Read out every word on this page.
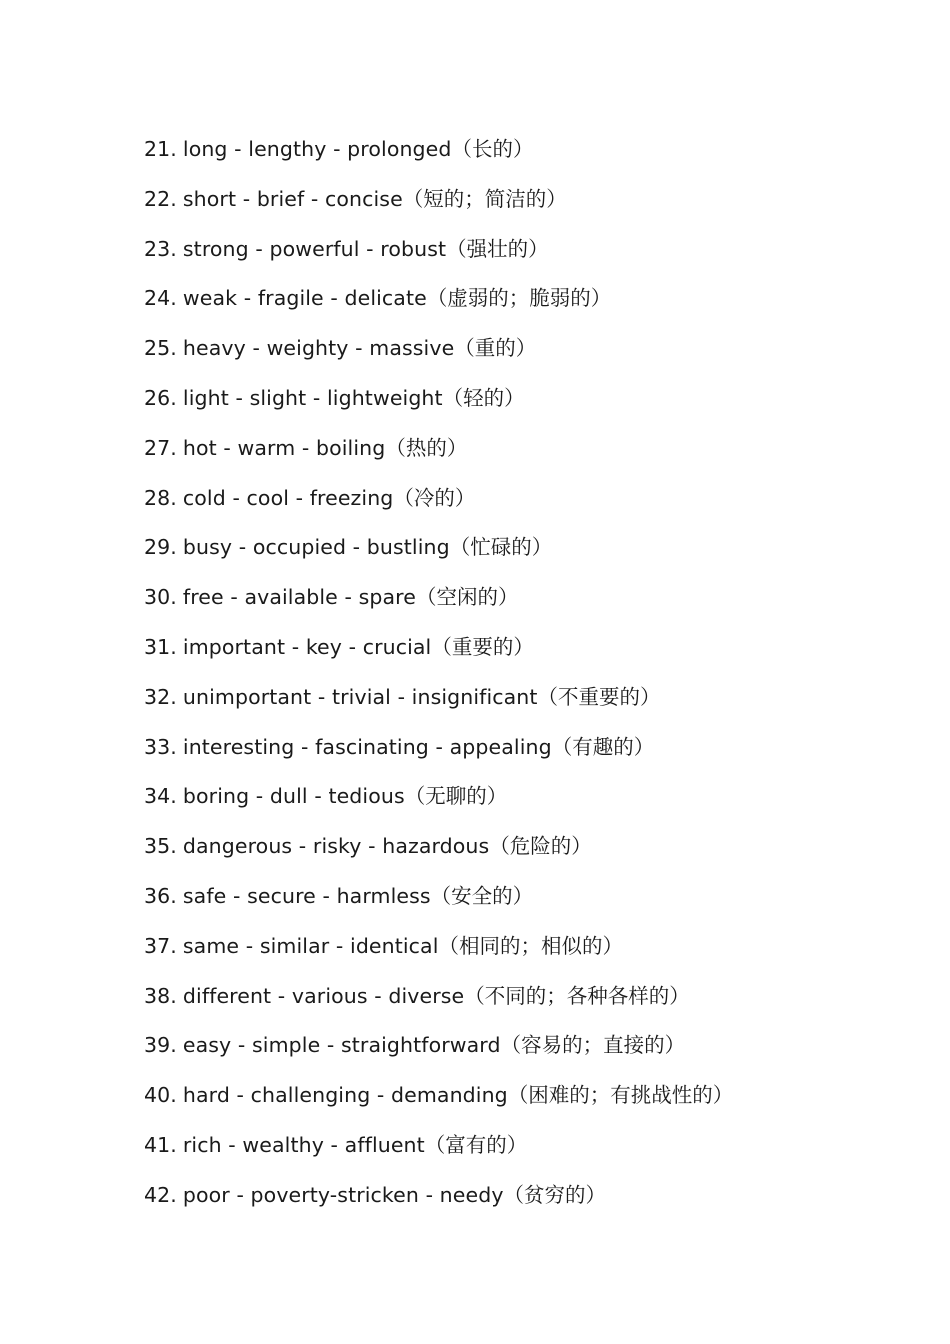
21. long - lengthy - prolonged（长的）
22. short - brief - concise（短的；简洁的）
23. strong - powerful - robust（强壮的）
24. weak - fragile - delicate（虚弱的；脆弱的）
25. heavy - weighty - massive（重的）
26. light - slight - lightweight（轻的）
27. hot - warm - boiling（热的）
28. cold - cool - freezing（冷的）
29. busy - occupied - bustling（忙碌的）
30. free - available - spare（空闲的）
31. important - key - crucial（重要的）
32. unimportant - trivial - insignificant（不重要的）
33. interesting - fascinating - appealing（有趣的）
34. boring - dull - tedious（无聊的）
35. dangerous - risky - hazardous（危险的）
36. safe - secure - harmless（安全的）
37. same - similar - identical（相同的；相似的）
38. different - various - diverse（不同的；各种各样的）
39. easy - simple - straightforward（容易的；直接的）
40. hard - challenging - demanding（困难的；有挑战性的）
41. rich - wealthy - affluent（富有的）
42. poor - poverty-stricken - needy（贫穷的）
